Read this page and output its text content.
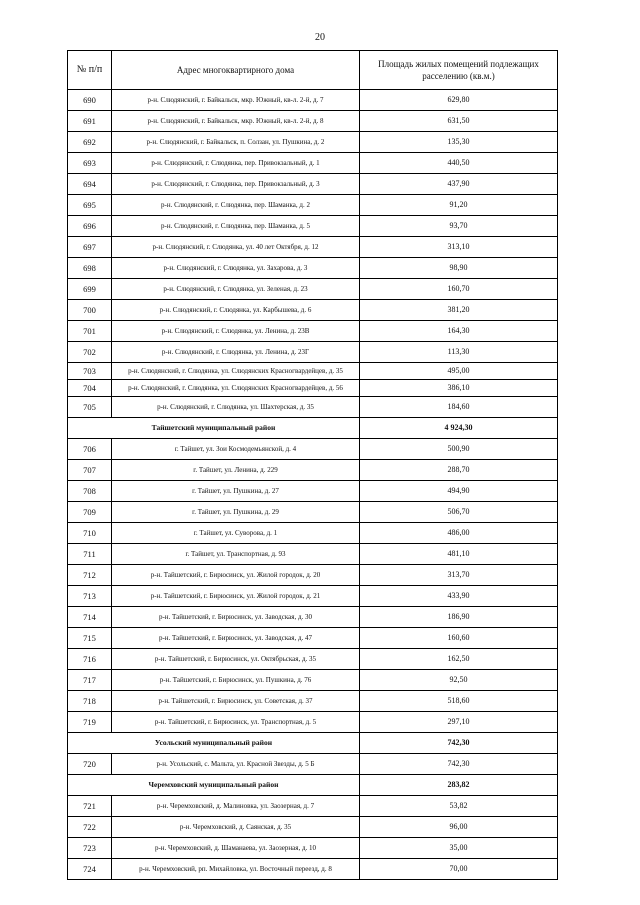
20
№ п/п	Адрес многоквартирного дома	Площадь жилых помещений подлежащих расселению (кв.м.)
690	р-н. Слюдянский, г. Байкальск, мкр. Южный, кв-л. 2-й, д. 7	629,80
691	р-н. Слюдянский, г. Байкальск, мкр. Южный, кв-л. 2-й, д. 8	631,50
692	р-н. Слюдянский, г. Байкальск, п. Солзан, ул. Пушкина, д. 2	135,30
693	р-н. Слюдянский, г. Слюдянка, пер. Привокзальный, д. 1	440,50
694	р-н. Слюдянский, г. Слюдянка, пер. Привокзальный, д. 3	437,90
695	р-н. Слюдянский, г. Слюдянка, пер. Шаманка, д. 2	91,20
696	р-н. Слюдянский, г. Слюдянка, пер. Шаманка, д. 5	93,70
697	р-н. Слюдянский, г. Слюдянка, ул. 40 лет Октября, д. 12	313,10
698	р-н. Слюдянский, г. Слюдянка, ул. Захарова, д. 3	98,90
699	р-н. Слюдянский, г. Слюдянка, ул. Зеленая, д. 23	160,70
700	р-н. Слюдянский, г. Слюдянка, ул. Карбышева, д. 6	381,20
701	р-н. Слюдянский, г. Слюдянка, ул. Ленина, д. 23В	164,30
702	р-н. Слюдянский, г. Слюдянка, ул. Ленина, д. 23Г	113,30
703	р-н. Слюдянский, г. Слюдянка, ул. Слюдянских Красногвардейцев, д. 35	495,00
704	р-н. Слюдянский, г. Слюдянка, ул. Слюдянских Красногвардейцев, д. 56	386,10
705	р-н. Слюдянский, г. Слюдянка, ул. Шахтерская, д. 35	184,60
Тайшетский муниципальный район		4 924,30
706	г. Тайшет, ул. Зои Космодемьянской, д. 4	500,90
707	г. Тайшет, ул. Ленина, д. 229	288,70
708	г. Тайшет, ул. Пушкина, д. 27	494,90
709	г. Тайшет, ул. Пушкина, д. 29	506,70
710	г. Тайшет, ул. Суворова, д. 1	486,00
711	г. Тайшет, ул. Транспортная, д. 93	481,10
712	р-н. Тайшетский, г. Бирюсинск, ул. Жилой городок, д. 20	313,70
713	р-н. Тайшетский, г. Бирюсинск, ул. Жилой городок, д. 21	433,90
714	р-н. Тайшетский, г. Бирюсинск, ул. Заводская, д. 30	186,90
715	р-н. Тайшетский, г. Бирюсинск, ул. Заводская, д. 47	160,60
716	р-н. Тайшетский, г. Бирюсинск, ул. Октябрьская, д. 35	162,50
717	р-н. Тайшетский, г. Бирюсинск, ул. Пушкина, д. 76	92,50
718	р-н. Тайшетский, г. Бирюсинск, ул. Советская, д. 37	518,60
719	р-н. Тайшетский, г. Бирюсинск, ул. Транспортная, д. 5	297,10
Усольский муниципальный район		742,30
720	р-н. Усольский, с. Мальта, ул. Красной Звезды, д. 5 Б	742,30
Черемховский муниципальный район		283,82
721	р-н. Черемховский, д. Малиновка, ул. Заозерная, д. 7	53,82
722	р-н. Черемховский, д. Саянская, д. 35	96,00
723	р-н. Черемховский, д. Шаманаева, ул. Заозерная, д. 10	35,00
724	р-н. Черемховский, рп. Михайловка, ул. Восточный переезд, д. 8	70,00
